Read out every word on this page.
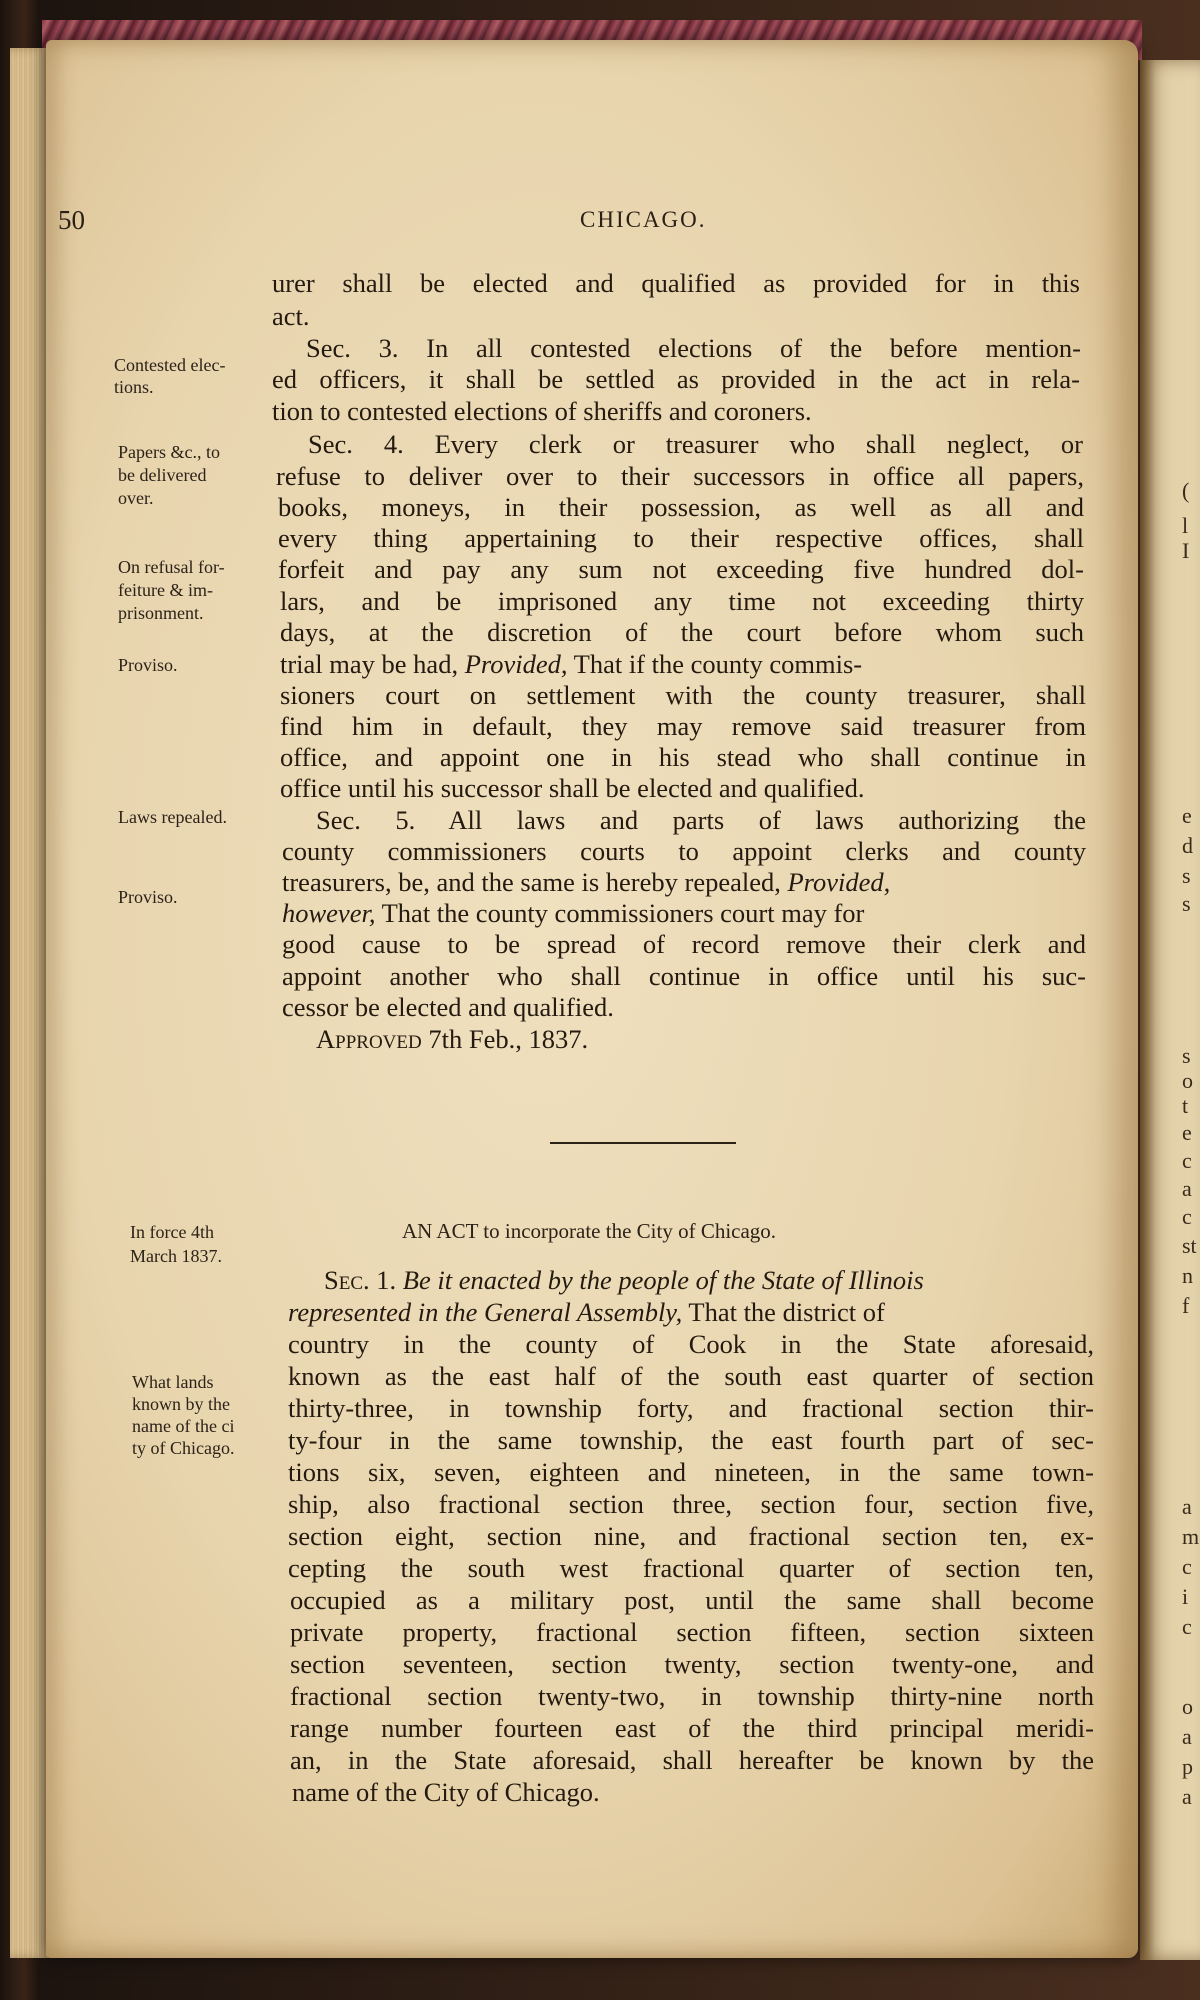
(
l
I
e
d
s
s
s
o
t
e
c
a
c
st
n
f
a
m
c
i
c
o
a
p
a
50	CHICAGO.
Contested elec-
tions.
Papers &c., to
be delivered
over.
On refusal for-
feiture & im-
prisonment.
Proviso.
Laws repealed.
Proviso.
In force 4th
March 1837.
What lands
known by the
name of the ci
ty of Chicago.
urer shall be elected and qualified as provided for in this
act.
Sec. 3. In all contested elections of the before mention-
ed officers, it shall be settled as provided in the act in rela-
tion to contested elections of sheriffs and coroners.
Sec. 4. Every clerk or treasurer who shall neglect, or
refuse to deliver over to their successors in office all papers,
books, moneys, in their possession, as well as all and
every thing appertaining to their respective offices, shall
forfeit and pay any sum not exceeding five hundred dol-
lars, and be imprisoned any time not exceeding thirty
days, at the discretion of the court before whom such
trial may be had, Provided, That if the county commis-
sioners court on settlement with the county treasurer, shall
find him in default, they may remove said treasurer from
office, and appoint one in his stead who shall continue in
office until his successor shall be elected and qualified.
Sec. 5. All laws and parts of laws authorizing the
county commissioners courts to appoint clerks and county
treasurers, be, and the same is hereby repealed, Provided,
however, That the county commissioners court may for
good cause to be spread of record remove their clerk and
appoint another who shall continue in office until his suc-
cessor be elected and qualified.
Approved 7th Feb., 1837.
AN ACT to incorporate the City of Chicago.
Sec. 1. Be it enacted by the people of the State of Illinois
represented in the General Assembly, That the district of
country in the county of Cook in the State aforesaid,
known as the east half of the south east quarter of section
thirty-three, in township forty, and fractional section thir-
ty-four in the same township, the east fourth part of sec-
tions six, seven, eighteen and nineteen, in the same town-
ship, also fractional section three, section four, section five,
section eight, section nine, and fractional section ten, ex-
cepting the south west fractional quarter of section ten,
occupied as a military post, until the same shall become
private property, fractional section fifteen, section sixteen
section seventeen, section twenty, section twenty-one, and
fractional section twenty-two, in township thirty-nine north
range number fourteen east of the third principal meridi-
an, in the State aforesaid, shall hereafter be known by the
name of the City of Chicago.
